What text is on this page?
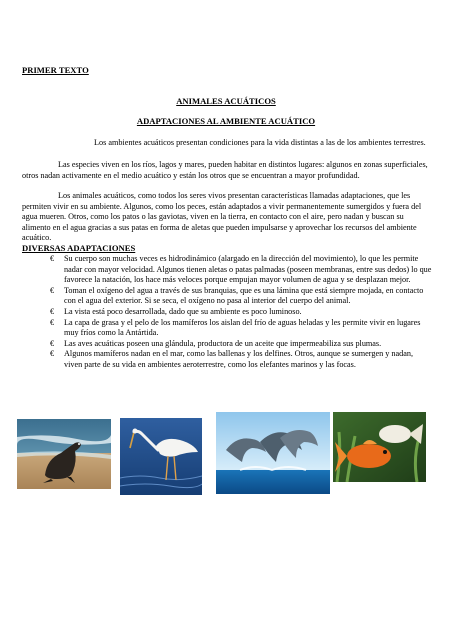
PRIMER TEXTO
ANIMALES ACUÁTICOS
ADAPTACIONES AL AMBIENTE ACUÁTICO

Los ambientes acuáticos presentan condiciones para la vida distintas a las de los ambientes terrestres.

Las especies viven en los ríos, lagos y mares, pueden habitar en distintos lugares: algunos en zonas superficiales, otros nadan activamente en el medio acuático y están los otros que se encuentran a mayor profundidad.

Los animales acuáticos, como todos los seres vivos presentan características llamadas adaptaciones, que les permiten vivir en su ambiente. Algunos, como los peces, están adaptados a vivir permanentemente sumergidos y fuera del agua mueren. Otros, como los patos o las gaviotas, viven en la tierra, en contacto con el aire, pero nadan y buscan su alimento en el agua gracias a sus patas en forma de aletas que pueden impulsarse y aprovechar los recursos del ambiente acuático.

DIVERSAS ADAPTACIONES
€ Su cuerpo son muchas veces es hidrodinámico (alargado en la dirección del movimiento), lo que les permite nadar con mayor velocidad. Algunos tienen aletas o patas palmadas (poseen membranas, entre sus dedos) lo que favorece la natación, los hace más veloces porque empujan mayor volumen de agua y se desplazan mejor.
€ Toman el oxígeno del agua a través de sus branquias, que es una lámina que está siempre mojada, en contacto con el agua del exterior. Si se seca, el oxígeno no pasa al interior del cuerpo del animal.
€ La vista está poco desarrollada, dado que su ambiente es poco luminoso.
€ La capa de grasa y el pelo de los mamíferos los aislan del frío de aguas heladas y les permite vivir en lugares muy fríos como la Antártida.
€ Las aves acuáticas poseen una glándula, productora de un aceite que impermeabiliza sus plumas.
€ Algunos mamíferos nadan en el mar, como las ballenas y los delfines. Otros, aunque se sumergen y nadan, viven parte de su vida en ambientes aeroterrestre, como los elefantes marinos y las focas.
